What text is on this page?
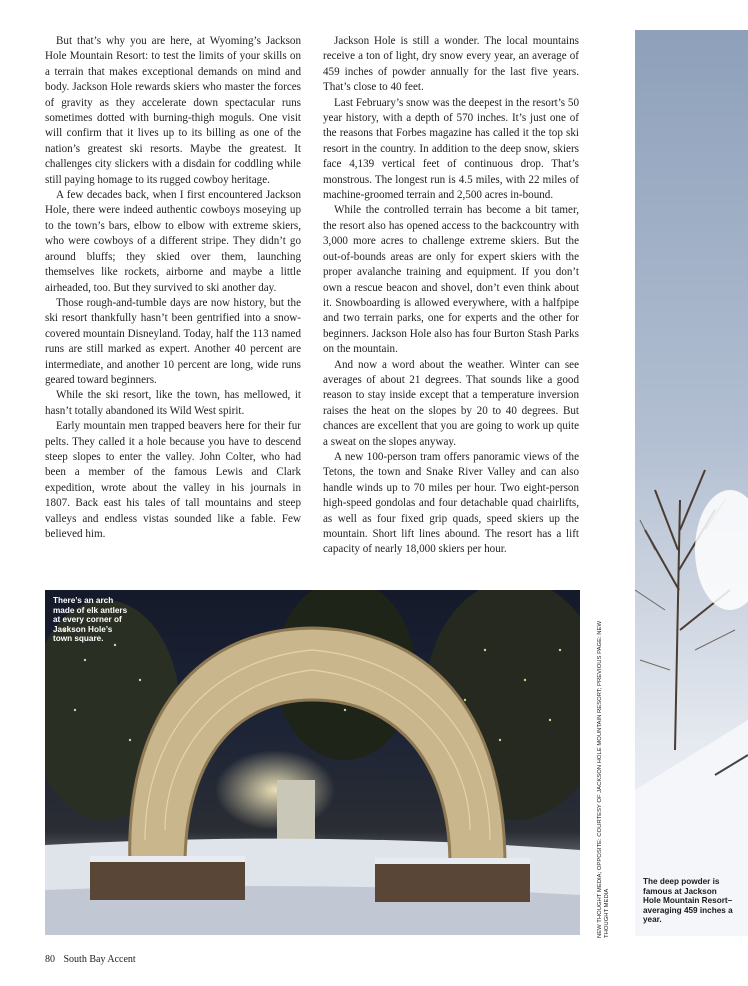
But that’s why you are here, at Wyoming’s Jackson Hole Mountain Resort: to test the limits of your skills on a terrain that makes exceptional demands on mind and body. Jackson Hole rewards skiers who master the forces of gravity as they accelerate down spectacular runs sometimes dotted with burning-thigh moguls. One visit will confirm that it lives up to its billing as one of the nation’s greatest ski resorts. Maybe the greatest. It challenges city slickers with a disdain for coddling while still paying homage to its rugged cowboy heritage.

A few decades back, when I first encountered Jackson Hole, there were indeed authentic cowboys moseying up to the town’s bars, elbow to elbow with extreme skiers, who were cowboys of a different stripe. They didn’t go around bluffs; they skied over them, launching themselves like rockets, airborne and maybe a little airheaded, too. But they survived to ski another day.

Those rough-and-tumble days are now history, but the ski resort thankfully hasn’t been gentrified into a snow-covered mountain Disneyland. Today, half the 113 named runs are still marked as expert. Another 40 percent are intermediate, and another 10 percent are long, wide runs geared toward beginners.

While the ski resort, like the town, has mellowed, it hasn’t totally abandoned its Wild West spirit.

Early mountain men trapped beavers here for their fur pelts. They called it a hole because you have to descend steep slopes to enter the valley. John Colter, who had been a member of the famous Lewis and Clark expedition, wrote about the valley in his journals in 1807. Back east his tales of tall mountains and steep valleys and endless vistas sounded like a fable. Few believed him.

Jackson Hole is still a wonder. The local mountains receive a ton of light, dry snow every year, an average of 459 inches of powder annually for the last five years. That’s close to 40 feet.

Last February’s snow was the deepest in the resort’s 50 year history, with a depth of 570 inches. It’s just one of the reasons that Forbes magazine has called it the top ski resort in the country. In addition to the deep snow, skiers face 4,139 vertical feet of continuous drop. That’s monstrous. The longest run is 4.5 miles, with 22 miles of machine-groomed terrain and 2,500 acres in-bound.

While the controlled terrain has become a bit tamer, the resort also has opened access to the backcountry with 3,000 more acres to challenge extreme skiers. But the out-of-bounds areas are only for expert skiers with the proper avalanche training and equipment. If you don’t own a rescue beacon and shovel, don’t even think about it. Snowboarding is allowed everywhere, with a halfpipe and two terrain parks, one for experts and the other for beginners. Jackson Hole also has four Burton Stash Parks on the mountain.

And now a word about the weather. Winter can see averages of about 21 degrees. That sounds like a good reason to stay inside except that a temperature inversion raises the heat on the slopes by 20 to 40 degrees. But chances are excellent that you are going to work up quite a sweat on the slopes anyway.

A new 100-person tram offers panoramic views of the Tetons, the town and Snake River Valley and can also handle winds up to 70 miles per hour. Two eight-person high-speed gondolas and four detachable quad chairlifts, as well as four fixed grip quads, speed skiers up the mountain. Short lift lines abound. The resort has a lift capacity of nearly 18,000 skiers per hour.

There’s an arch made of elk antlers at every corner of Jackson Hole’s town square.	NEW THOUGHT MEDIA; OPPOSITE: COURTESY OF JACKSON HOLE MOUNTAIN RESORT; PREVIOUS PAGE: NEW THOUGHT MEDIA
The deep powder is famous at Jackson Hole Mountain Resort–averaging 459 inches a year.
80 South Bay Accent
